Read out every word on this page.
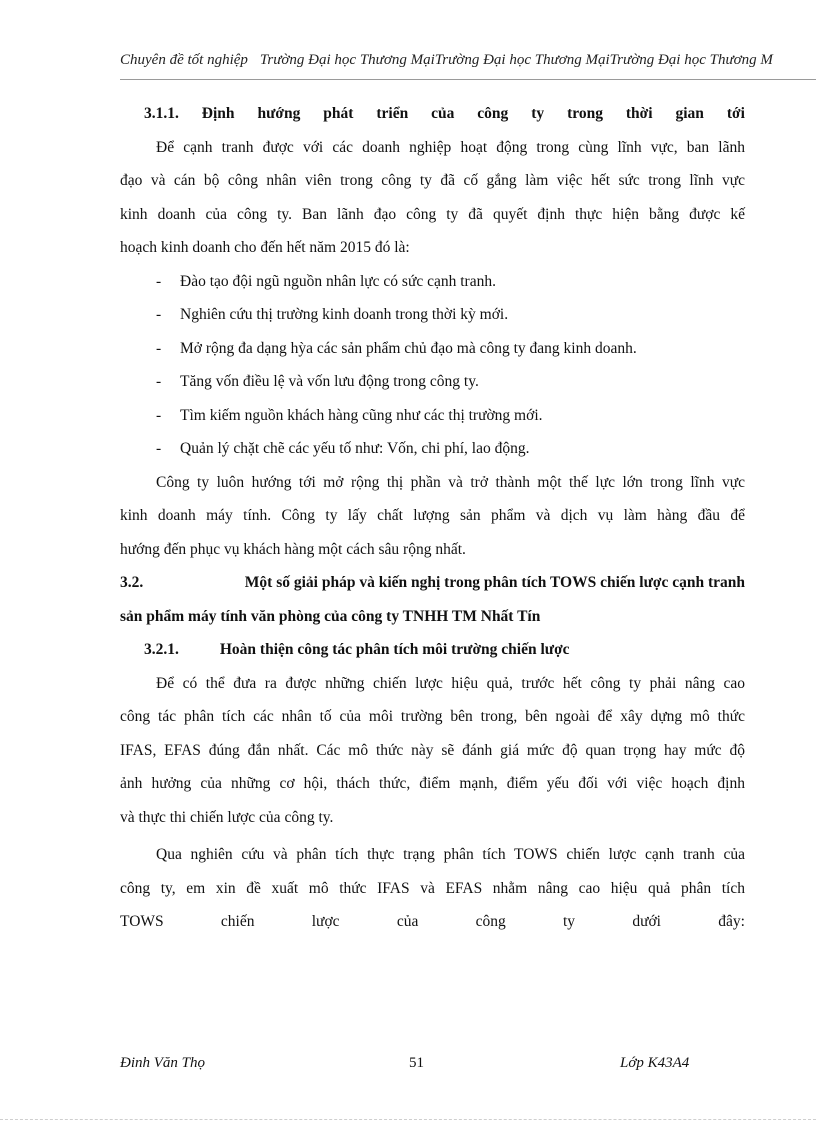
Chuyên đề tốt nghiệp Trường Đại học Thương MạiTrường Đại học Thương MạiTrường Đại học Thương M
3.1.1. Định hướng phát triển của công ty trong thời gian tới
Để cạnh tranh được với các doanh nghiệp hoạt động trong cùng lĩnh vực, ban lãnh
đạo và cán bộ công nhân viên trong công ty đã cố gắng làm việc hết sức trong lĩnh vực
kinh doanh của công ty. Ban lãnh đạo công ty đã quyết định thực hiện bằng được kế
hoạch kinh doanh cho đến hết năm 2015 đó là:
-	Đào tạo đội ngũ nguồn nhân lực có sức cạnh tranh.
-	Nghiên cứu thị trường kinh doanh trong thời kỳ mới.
-	Mở rộng đa dạng hỳa các sản phẩm chủ đạo mà công ty đang kinh doanh.
-	Tăng vốn điều lệ và vốn lưu động trong công ty.
-	Tìm kiếm nguồn khách hàng cũng như các thị trường mới.
-	Quản lý chặt chẽ các yếu tố như: Vốn, chi phí, lao động.
Công ty luôn hướng tới mở rộng thị phần và trở thành một thế lực lớn trong lĩnh vực
kinh doanh máy tính. Công ty lấy chất lượng sản phẩm và dịch vụ làm hàng đầu để
hướng đến phục vụ khách hàng một cách sâu rộng nhất.
3.2.	Một số giải pháp và kiến nghị trong phân tích TOWS chiến lược cạnh tranh
sản phẩm máy tính văn phòng của công ty TNHH TM Nhất Tín
3.2.1.	Hoàn thiện công tác phân tích môi trường chiến lược
Để có thể đưa ra được những chiến lược hiệu quả, trước hết công ty phải nâng cao
công tác phân tích các nhân tố của môi trường bên trong, bên ngoài để xây dựng mô thức
IFAS, EFAS đúng đắn nhất. Các mô thức này sẽ đánh giá mức độ quan trọng hay mức độ
ảnh hưởng của những cơ hội, thách thức, điểm mạnh, điểm yếu đối với việc hoạch định
và thực thi chiến lược của công ty.
Qua nghiên cứu và phân tích thực trạng phân tích TOWS chiến lược cạnh tranh của
công ty, em xin đề xuất mô thức IFAS và EFAS nhằm nâng cao hiệu quả phân tích
TOWS	chiến	lược	của	công	ty	dưới	đây:
Đinh Văn Thọ	51	Lớp K43A4
